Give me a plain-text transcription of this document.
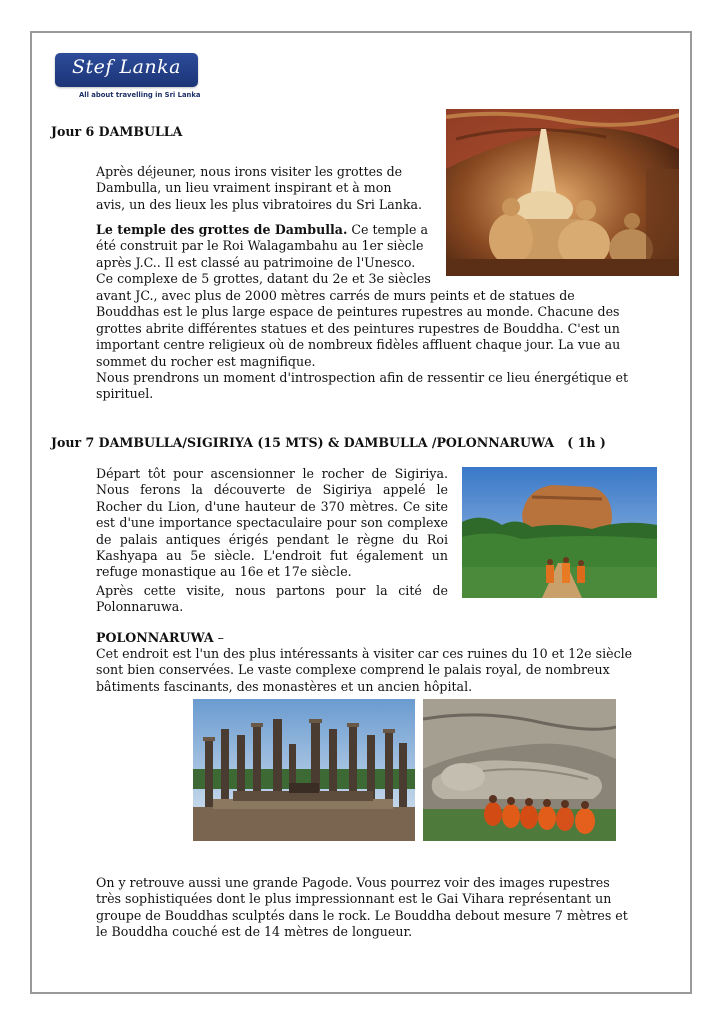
Stef Lanka
All about travelling in Sri Lanka
Jour 6 DAMBULLA
Après déjeuner, nous irons visiter les grottes de
Dambulla, un lieu vraiment inspirant et à mon
avis, un des lieux les plus vibratoires du Sri Lanka.
Le temple des grottes de Dambulla. Ce temple a
été construit par le Roi Walagambahu au 1er siècle
après J.C.. Il est classé au patrimoine de l'Unesco.
Ce complexe de 5 grottes, datant du 2e et 3e siècles
avant JC., avec plus de 2000 mètres carrés de murs peints et de statues de
Bouddhas est le plus large espace de peintures rupestres au monde. Chacune des
grottes abrite différentes statues et des peintures rupestres de Bouddha. C'est un
important centre religieux où de nombreux fidèles affluent chaque jour. La vue au
sommet du rocher est magnifique.
Nous prendrons un moment d'introspection afin de ressentir ce lieu énergétique et
spirituel.
Jour 7 DAMBULLA/SIGIRIYA (15 MTS) & DAMBULLA /POLONNARUWA   ( 1h )
Départ tôt pour ascensionner le rocher de Sigiriya. Nous ferons la découverte de Sigiriya appelé le Rocher du Lion, d'une hauteur de 370 mètres. Ce site est d'une importance spectaculaire pour son complexe de palais antiques érigés pendant le règne du Roi Kashyapa au 5e siècle. L'endroit fut également un refuge monastique au 16e et 17e siècle.
Après cette visite, nous partons pour la cité de Polonnaruwa.
POLONNARUWA –
Cet endroit est l'un des plus intéressants à visiter car ces ruines du 10 et 12e siècle
sont bien conservées. Le vaste complexe comprend le palais royal, de nombreux
bâtiments fascinants, des monastères et un ancien hôpital.
On y retrouve aussi une grande Pagode. Vous pourrez voir des images rupestres
très sophistiquées dont le plus impressionnant est le Gai Vihara représentant un
groupe de Bouddhas sculptés dans le rock. Le Bouddha debout mesure 7 mètres et
le Bouddha couché est de 14 mètres de longueur.
